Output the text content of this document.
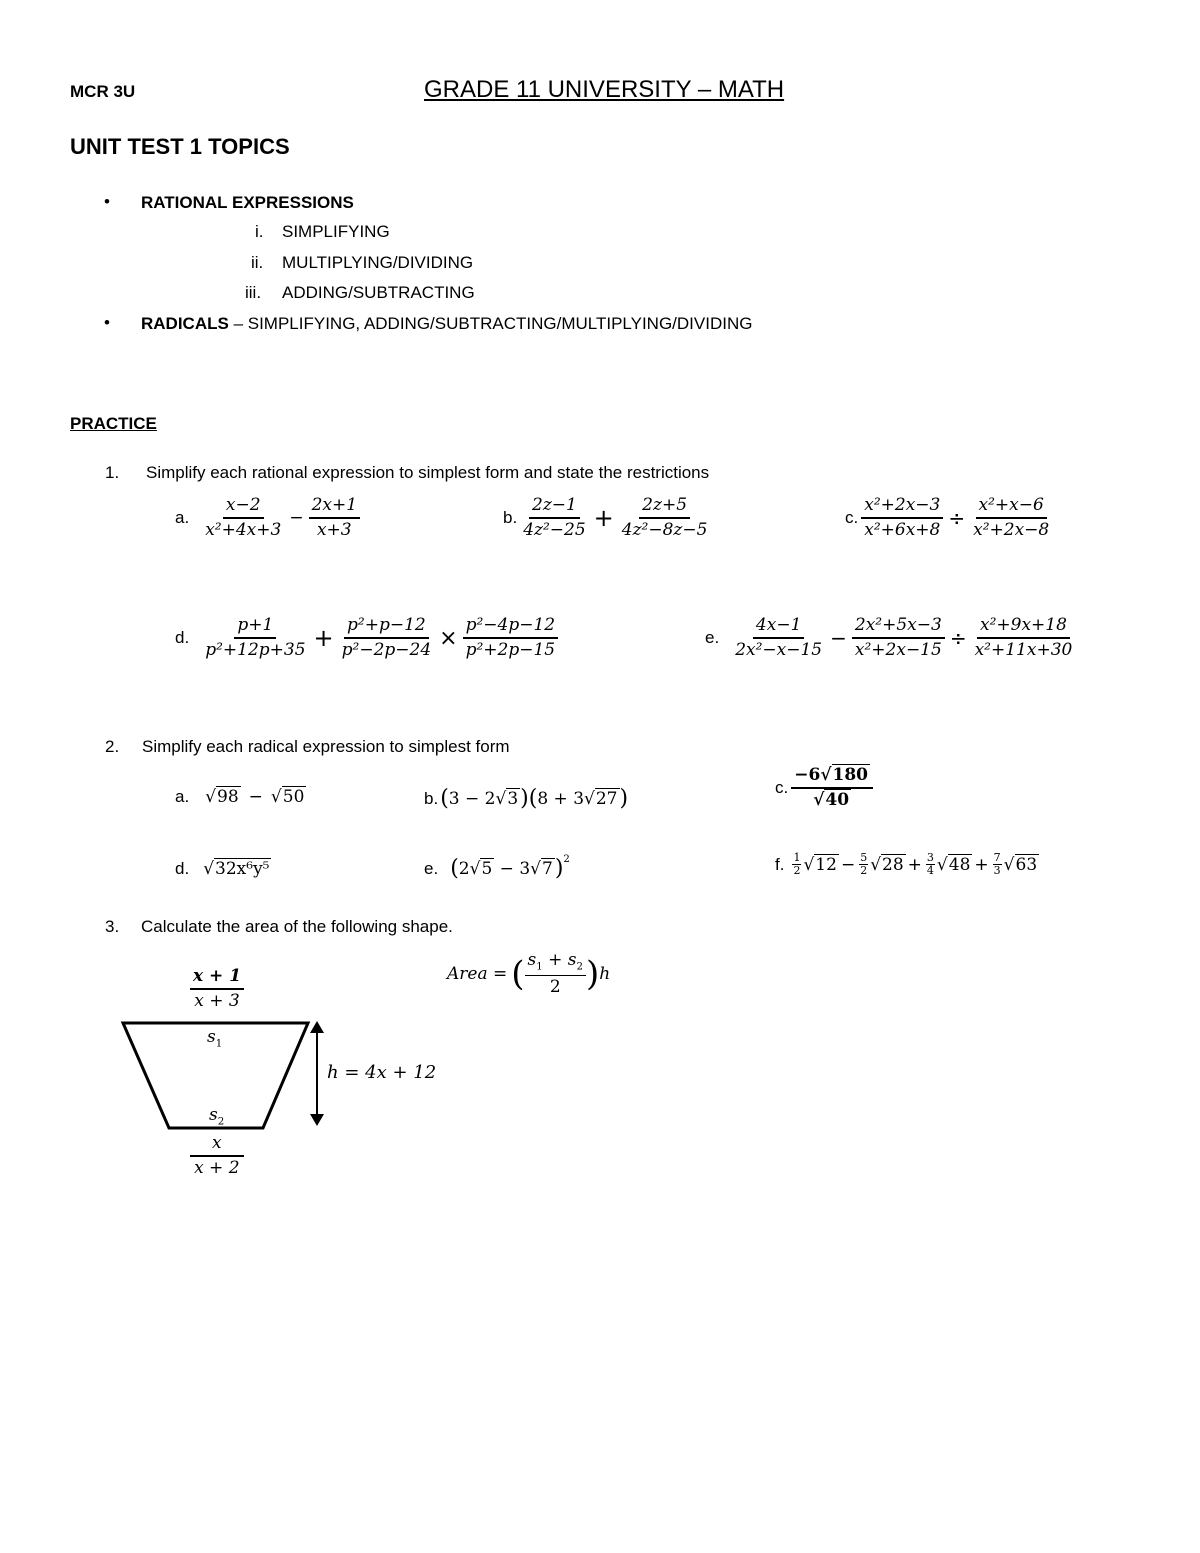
MCR 3U	GRADE 11 UNIVERSITY – MATH
UNIT TEST 1 TOPICS
• RATIONAL EXPRESSIONS
i. SIMPLIFYING
ii. MULTIPLYING/DIVIDING
iii. ADDING/SUBTRACTING
• RADICALS – SIMPLIFYING, ADDING/SUBTRACTING/MULTIPLYING/DIVIDING
PRACTICE
1. Simplify each rational expression to simplest form and state the restrictions
a. $\frac{x-2}{\text{x²+4x+3}} - \frac{2x+1}{x+3}$	b. $\frac{2z-1}{\text{4z²−25}} + \frac{2z+5}{\text{4z²−8z−5}}$	c. $\frac{\text{x²+2x−3}}{\text{x²+6x+8}} \div \frac{\text{x²+x−6}}{\text{x²+2x−8}}$
d. $\frac{p+1}{\text{p²+12p+35}} + \frac{\text{p²+p−12}}{\text{p²−2p−24}} \times \frac{\text{p²−4p−12}}{\text{p²+2p−15}}$	e. $\frac{4x-1}{\text{2x²−x−15}} - \frac{\text{2x²+5x−3}}{\text{x²+2x−15}} \div \frac{\text{x²+9x+18}}{\text{x²+11x+30}}$
2. Simplify each radical expression to simplest form
a. √ 98 − √ 50	b. ( 3 − 2 √ 3 ) ( 8 + 3 √ 27 )	c. $\frac{-6√180}{√40}$
d. √ 32x⁶y⁵	e. ( 2 √ 5 − 3 √ 7 )$^2$	f. $\frac{1}{2}$ √ $12 - \frac{5}{2}$ √ $28 + \frac{3}{4}$ √ $48 + \frac{7}{3}$ √ 63
3. Calculate the area of the following shape.
Area = ( $\frac{s_1 + s_2}{2}$ ) h
$\frac{x + 1}{x + 3}$
$s_1$
$s_2$
h = 4x + 12
$\frac{x}{x + 2}$
